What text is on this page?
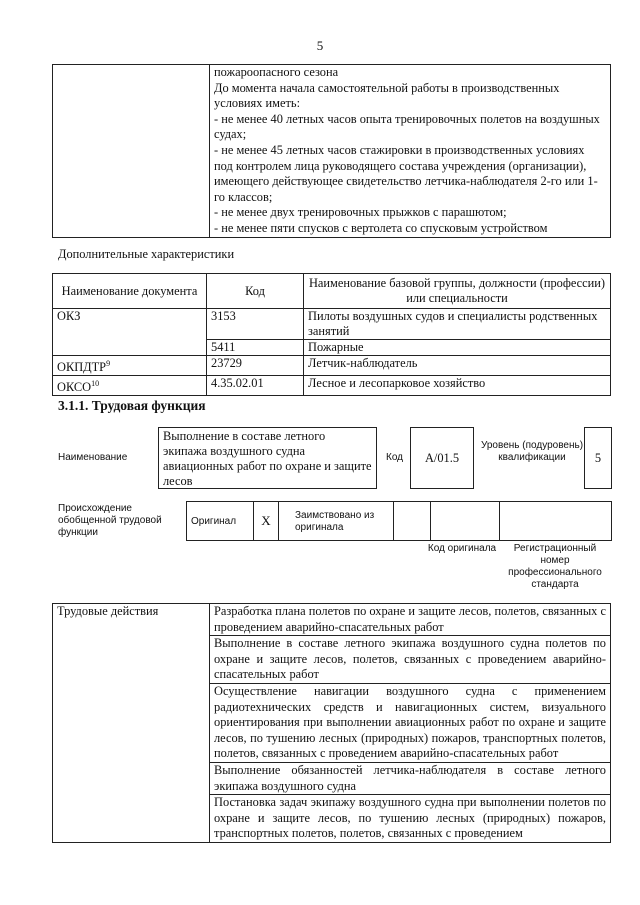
5

пожароопасного сезона
До момента начала самостоятельной работы в производственных условиях иметь:
- не менее 40 летных часов опыта тренировочных полетов на воздушных судах;
- не менее 45 летных часов стажировки в производственных условиях под контролем лица руководящего состава учреждения (организации), имеющего действующее свидетельство летчика-наблюдателя 2-го или 1-го классов;
- не менее двух тренировочных прыжков с парашютом;
- не менее пяти спусков с вертолета со спусковым устройством
Дополнительные характеристики
Наименование документа	Код	Наименование базовой группы, должности (профессии) или специальности
ОКЗ	3153	Пилоты воздушных судов и специалисты родственных занятий
	5411	Пожарные
ОКПДТР$^9$	23729	Летчик-наблюдатель
ОКСО$^{10}$	4.35.02.01	Лесное и лесопарковое хозяйство
3.1.1. Трудовая функция
Наименование
Выполнение в составе летного экипажа воздушного судна авиационных работ по охране и защите лесов
Код	А/01.5
Уровень (подуровень) квалификации	5
Происхождение обобщенной трудовой функции
Оригинал	X	Заимствовано из оригинала
Код оригинала	Регистрационный номер профессионального стандарта
Трудовые действия	Разработка плана полетов по охране и защите лесов, полетов, связанных с проведением аварийно-спасательных работ
Выполнение в составе летного экипажа воздушного судна полетов по охране и защите лесов, полетов, связанных с проведением аварийно-спасательных работ
Осуществление навигации воздушного судна с применением радиотехнических средств и навигационных систем, визуального ориентирования при выполнении авиационных работ по охране и защите лесов, по тушению лесных (природных) пожаров, транспортных полетов, полетов, связанных с проведением аварийно-спасательных работ
Выполнение обязанностей летчика-наблюдателя в составе летного экипажа воздушного судна
Постановка задач экипажу воздушного судна при выполнении полетов по охране и защите лесов, по тушению лесных (природных) пожаров, транспортных полетов, полетов, связанных с проведением
